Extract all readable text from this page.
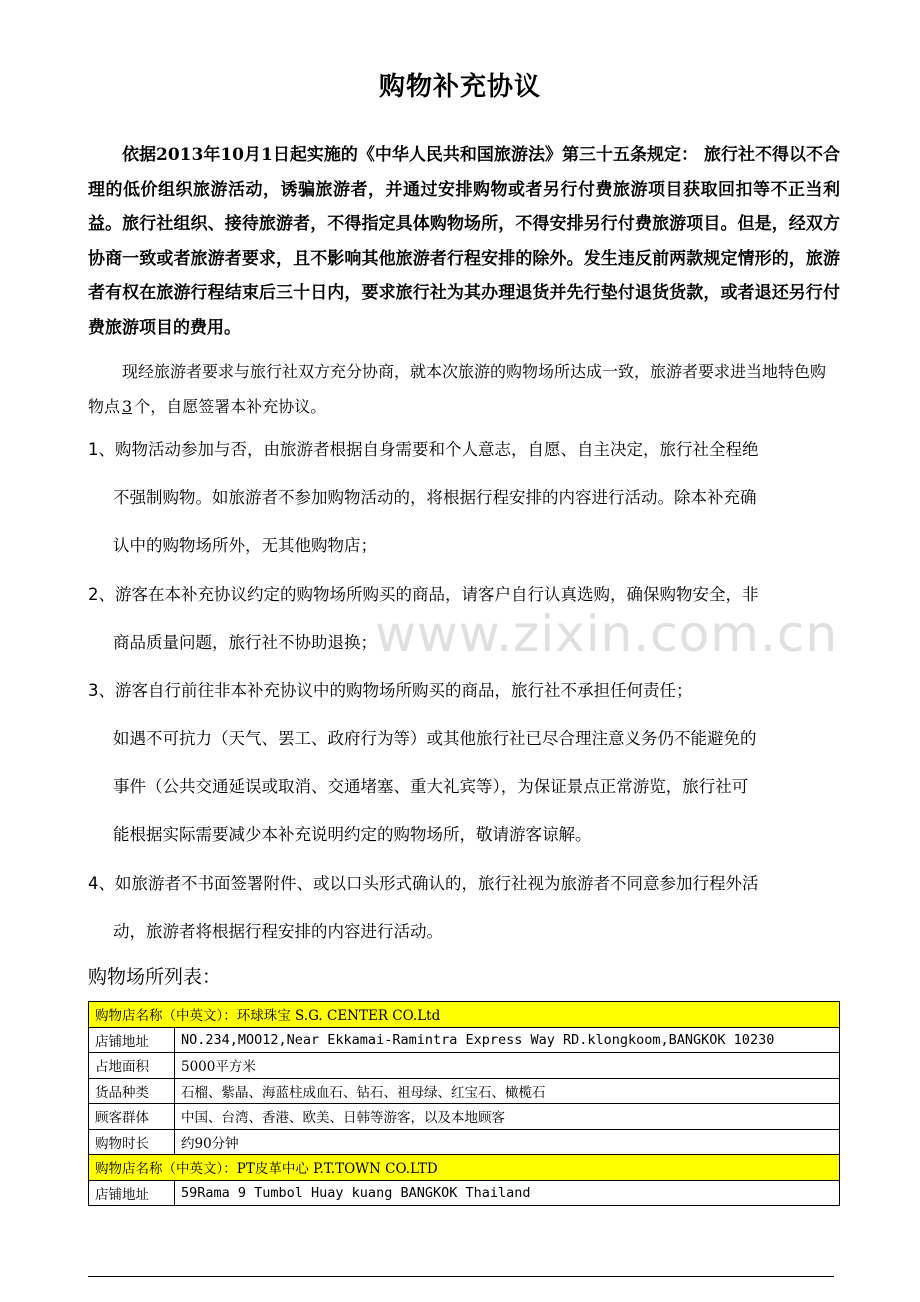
www.zixin.com.cn
购物补充协议
依据2013年10月1日起实施的《中华人民共和国旅游法》第三十五条规定： 旅行社不得以不合理的低价组织旅游活动，诱骗旅游者，并通过安排购物或者另行付费旅游项目获取回扣等不正当利益。旅行社组织、接待旅游者，不得指定具体购物场所，不得安排另行付费旅游项目。但是，经双方协商一致或者旅游者要求，且不影响其他旅游者行程安排的除外。发生违反前两款规定情形的，旅游者有权在旅游行程结束后三十日内，要求旅行社为其办理退货并先行垫付退货货款，或者退还另行付费旅游项目的费用。
现经旅游者要求与旅行社双方充分协商，就本次旅游的购物场所达成一致，旅游者要求进当地特色购物点 3 个，自愿签署本补充协议。
1、购物活动参加与否，由旅游者根据自身需要和个人意志，自愿、自主决定，旅行社全程绝
不强制购物。如旅游者不参加购物活动的，将根据行程安排的内容进行活动。除本补充确
认中的购物场所外，无其他购物店；
2、游客在本补充协议约定的购物场所购买的商品，请客户自行认真选购，确保购物安全，非
商品质量问题，旅行社不协助退换；
3、游客自行前往非本补充协议中的购物场所购买的商品，旅行社不承担任何责任；
如遇不可抗力（天气、罢工、政府行为等）或其他旅行社已尽合理注意义务仍不能避免的
事件（公共交通延误或取消、交通堵塞、重大礼宾等），为保证景点正常游览，旅行社可
能根据实际需要减少本补充说明约定的购物场所，敬请游客谅解。
4、如旅游者不书面签署附件、或以口头形式确认的，旅行社视为旅游者不同意参加行程外活
动，旅游者将根据行程安排的内容进行活动。
购物场所列表：
购物店名称（中英文）：环球珠宝 S.G. CENTER CO.Ltd	
店铺地址	NO.234,MOO12,Near Ekkamai-Ramintra Express Way RD.klongkoom,BANGKOK 10230
占地面积	5000平方米
货品种类	石榴、紫晶、海蓝柱成血石、钻石、祖母绿、红宝石、橄榄石
顾客群体	中国、台湾、香港、欧美、日韩等游客，以及本地顾客
购物时长	约90分钟
购物店名称（中英文）：PT皮革中心 P.T.TOWN CO.LTD	
店铺地址	59Rama 9 Tumbol Huay kuang BANGKOK Thailand
